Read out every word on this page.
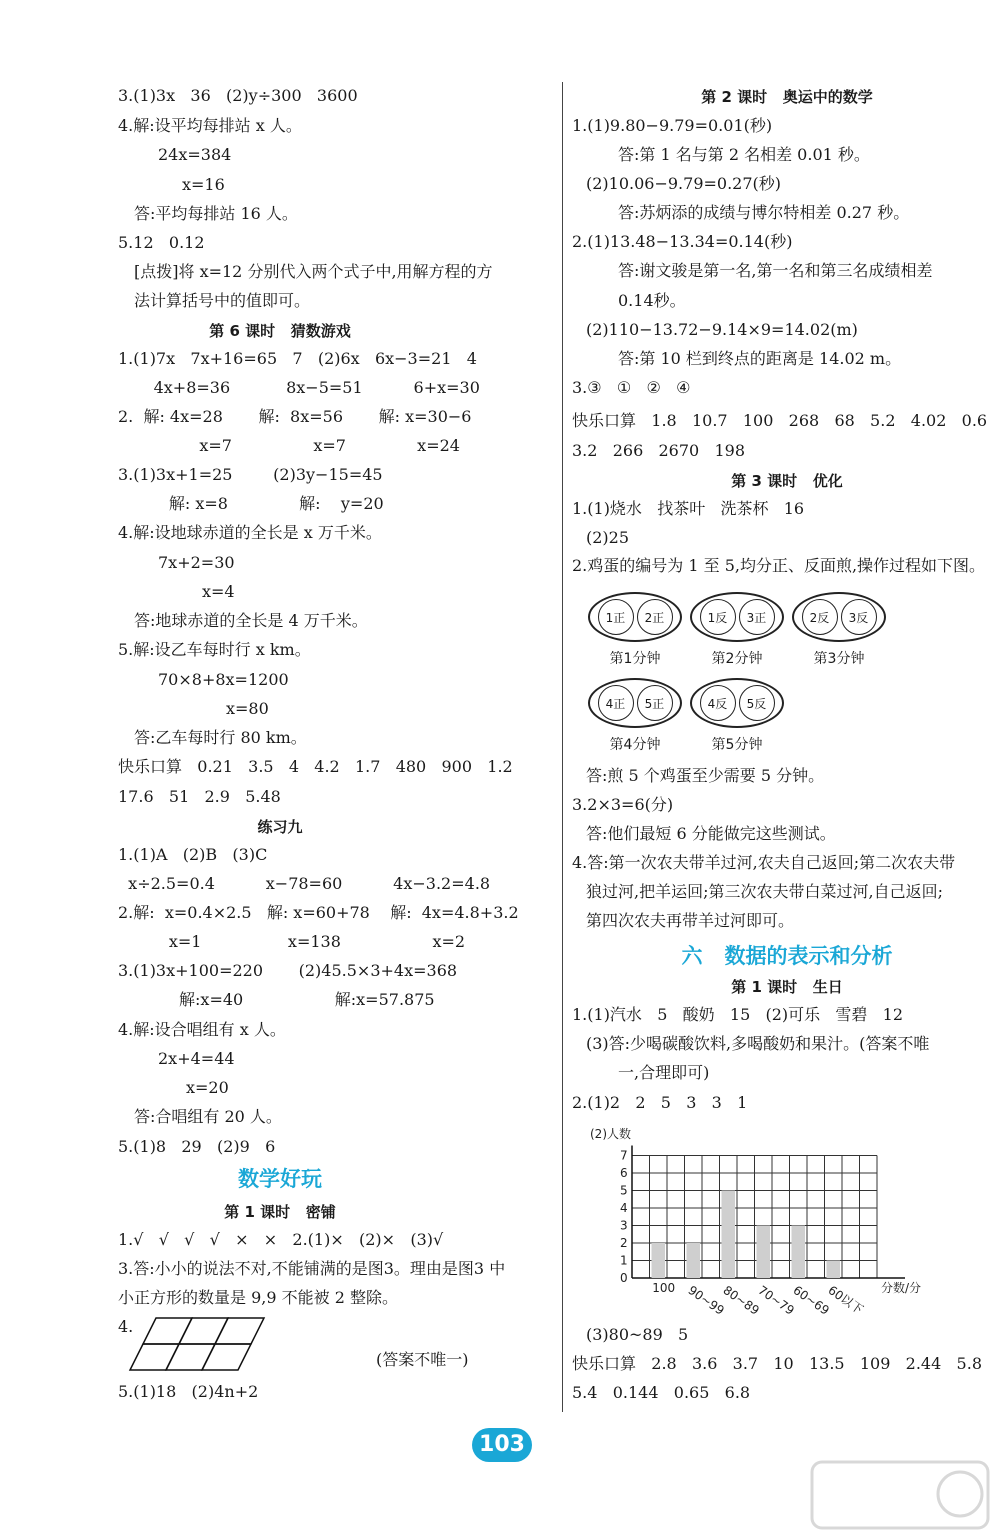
3.(1)3x   36   (2)y÷300   3600
4.解:设平均每排站 x 人。
24x=384
x=16
答:平均每排站 16 人。
5.12   0.12
[点拨]将 x=12 分别代入两个式子中,用解方程的方
法计算括号中的值即可。
第 6 课时   猜数游戏
1.(1)7x   7x+16=65   7   (2)6x   6x−3=21   4
4x+8=36           8x−5=51          6+x=30
2.  解: 4x=28       解:  8x=56       解: x=30−6
x=7                x=7              x=24
3.(1)3x+1=25        (2)3y−15=45
解: x=8              解:    y=20
4.解:设地球赤道的全长是 x 万千米。
7x+2=30
x=4
答:地球赤道的全长是 4 万千米。
5.解:设乙车每时行 x km。
70×8+8x=1200
x=80
答:乙车每时行 80 km。
快乐口算   0.21   3.5   4   4.2   1.7   480   900   1.2
17.6   51   2.9   5.48
练习九
1.(1)A   (2)B   (3)C
x÷2.5=0.4          x−78=60          4x−3.2=4.8
2.解:  x=0.4×2.5   解: x=60+78    解:  4x=4.8+3.2
x=1                 x=138                  x=2
3.(1)3x+100=220       (2)45.5×3+4x=368
解:x=40                  解:x=57.875
4.解:设合唱组有 x 人。
2x+4=44
x=20
答:合唱组有 20 人。
5.(1)8   29   (2)9   6
数学好玩
第 1 课时   密铺
1.√   √   √   √   ×   ×   2.(1)×   (2)×   (3)√
3.答:小小的说法不对,不能铺满的是图3。理由是图3 中
小正方形的数量是 9,9 不能被 2 整除。
4.
(答案不唯一)
5.(1)18   (2)4n+2
第 2 课时   奥运中的数学
1.(1)9.80−9.79=0.01(秒)
答:第 1 名与第 2 名相差 0.01 秒。
(2)10.06−9.79=0.27(秒)
答:苏炳添的成绩与博尔特相差 0.27 秒。
2.(1)13.48−13.34=0.14(秒)
答:谢文骏是第一名,第一名和第三名成绩相差
0.14秒。
(2)110−13.72−9.14×9=14.02(m)
答:第 10 栏到终点的距离是 14.02 m。
3.③   ①   ②   ④
快乐口算   1.8   10.7   100   268   68   5.2   4.02   0.6
3.2   266   2670   198
第 3 课时   优化
1.(1)烧水   找茶叶   洗茶杯   16
(2)25
2.鸡蛋的编号为 1 至 5,均分正、反面煎,操作过程如下图。
答:煎 5 个鸡蛋至少需要 5 分钟。
3.2×3=6(分)
答:他们最短 6 分能做完这些测试。
4.答:第一次农夫带羊过河,农夫自己返回;第二次农夫带
狼过河,把羊运回;第三次农夫带白菜过河,自己返回;
第四次农夫再带羊过河即可。
六   数据的表示和分析
第 1 课时   生日
1.(1)汽水   5   酸奶   15   (2)可乐   雪碧   12
(3)答:少喝碳酸饮料,多喝酸奶和果汁。(答案不唯
一,合理即可)
2.(1)2   2   5   3   3   1
(3)80~89   5
快乐口算   2.8   3.6   3.7   10   13.5   109   2.44   5.8
5.4   0.144   0.65   6.8
1正	2正
第1分钟
1反	3正
第2分钟
2反	3反
第3分钟
4正	5正
第4分钟
4反	5反
第5分钟
(2)人数
0
1
2
3
4
5
6
7
100 90~99
80~89
70~79
60~69
60以下 分数/分
103
